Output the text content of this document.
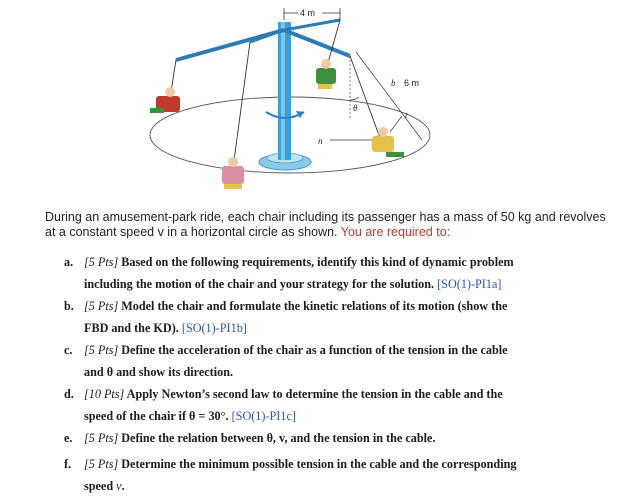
4 m
θ
b 6 m
t
n
During an amusement-park ride, each chair including its passenger has a mass of 50 kg and revolves at a constant speed v in a horizontal circle as shown. You are required to:
a. [5 Pts] Based on the following requirements, identify this kind of dynamic problem
including the motion of the chair and your strategy for the solution. [SO(1)-PI1a]
b. [5 Pts] Model the chair and formulate the kinetic relations of its motion (show the
FBD and the KD). [SO(1)-PI1b]
c. [5 Pts] Define the acceleration of the chair as a function of the tension in the cable
and θ and show its direction.
d. [10 Pts] Apply Newton’s second law to determine the tension in the cable and the
speed of the chair if θ = 30°. [SO(1)-PI1c]
e. [5 Pts] Define the relation between θ, v, and the tension in the cable.
f. [5 Pts] Determine the minimum possible tension in the cable and the corresponding
speed v.
